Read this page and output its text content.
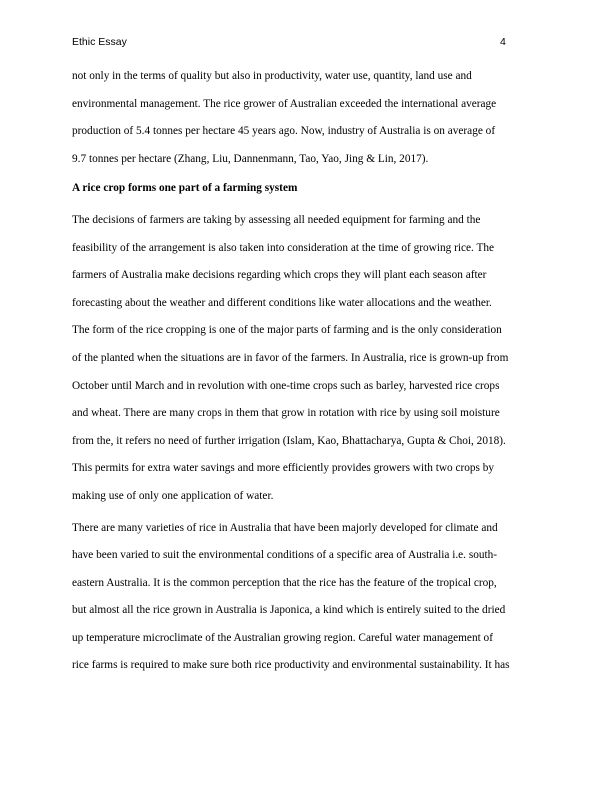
Ethic Essay	4

not only in the terms of quality but also in productivity, water use, quantity, land use and
environmental management. The rice grower of Australian exceeded the international average
production of 5.4 tonnes per hectare 45 years ago. Now, industry of Australia is on average of
9.7 tonnes per hectare (Zhang, Liu, Dannenmann, Tao, Yao, Jing & Lin, 2017).

A rice crop forms one part of a farming system

The decisions of farmers are taking by assessing all needed equipment for farming and the
feasibility of the arrangement is also taken into consideration at the time of growing rice. The
farmers of Australia make decisions regarding which crops they will plant each season after
forecasting about the weather and different conditions like water allocations and the weather.
The form of the rice cropping is one of the major parts of farming and is the only consideration
of the planted when the situations are in favor of the farmers. In Australia, rice is grown-up from
October until March and in revolution with one-time crops such as barley, harvested rice crops
and wheat. There are many crops in them that grow in rotation with rice by using soil moisture
from the, it refers no need of further irrigation (Islam, Kao, Bhattacharya, Gupta & Choi, 2018).
This permits for extra water savings and more efficiently provides growers with two crops by
making use of only one application of water.

There are many varieties of rice in Australia that have been majorly developed for climate and
have been varied to suit the environmental conditions of a specific area of Australia i.e. south-
eastern Australia. It is the common perception that the rice has the feature of the tropical crop,
but almost all the rice grown in Australia is Japonica, a kind which is entirely suited to the dried
up temperature microclimate of the Australian growing region. Careful water management of
rice farms is required to make sure both rice productivity and environmental sustainability. It has
